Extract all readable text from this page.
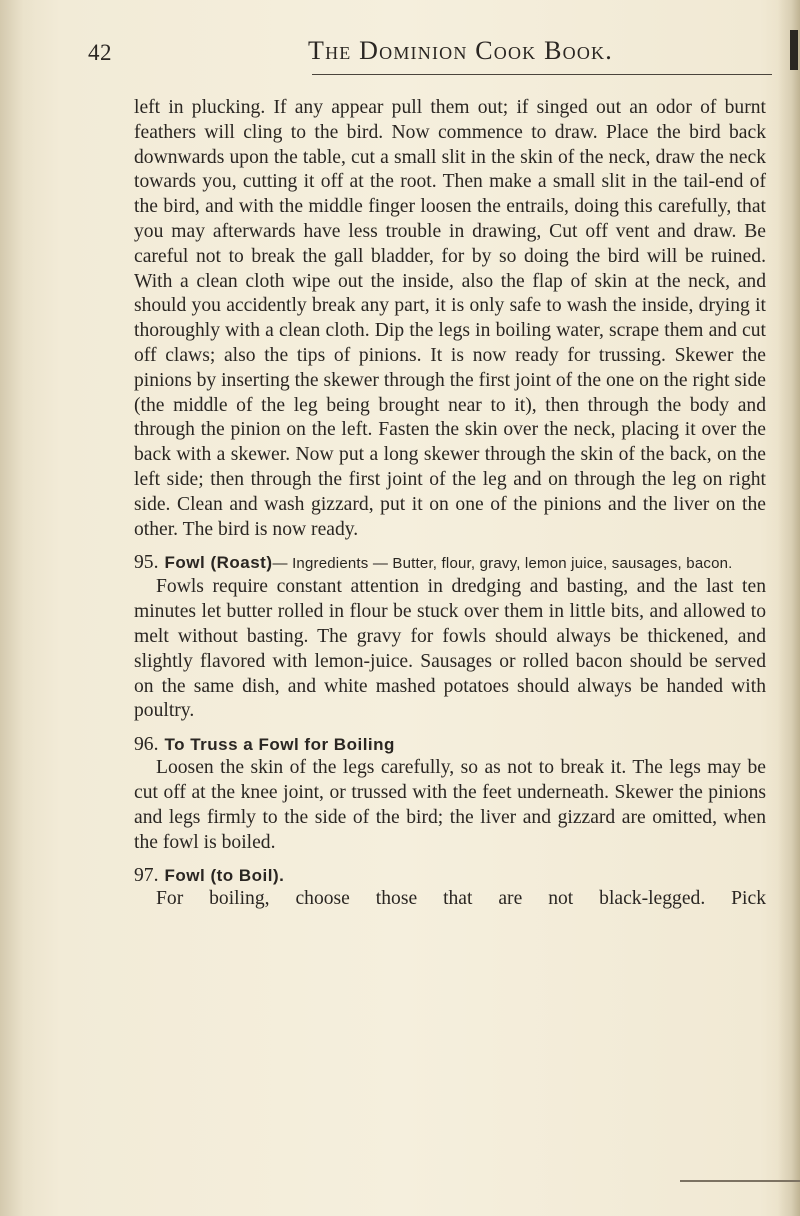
42	The Dominion Cook Book.

left in plucking. If any appear pull them out; if singed out an odor of burnt feathers will cling to the bird. Now commence to draw. Place the bird back downwards upon the table, cut a small slit in the skin of the neck, draw the neck towards you, cutting it off at the root. Then make a small slit in the tail-end of the bird, and with the middle finger loosen the entrails, doing this carefully, that you may afterwards have less trouble in drawing, Cut off vent and draw. Be careful not to break the gall bladder, for by so doing the bird will be ruined. With a clean cloth wipe out the inside, also the flap of skin at the neck, and should you accidently break any part, it is only safe to wash the inside, drying it thoroughly with a clean cloth. Dip the legs in boiling water, scrape them and cut off claws; also the tips of pinions. It is now ready for trussing. Skewer the pinions by inserting the skewer through the first joint of the one on the right side (the middle of the leg being brought near to it), then through the body and through the pinion on the left. Fasten the skin over the neck, placing it over the back with a skewer. Now put a long skewer through the skin of the back, on the left side; then through the first joint of the leg and on through the leg on right side. Clean and wash gizzard, put it on one of the pinions and the liver on the other. The bird is now ready.

95. Fowl (Roast)— Ingredients — Butter, flour, gravy, lemon juice, sausages, bacon.

Fowls require constant attention in dredging and basting, and the last ten minutes let butter rolled in flour be stuck over them in little bits, and allowed to melt without basting. The gravy for fowls should always be thickened, and slightly flavored with lemon-juice. Sausages or rolled bacon should be served on the same dish, and white mashed potatoes should always be handed with poultry.

96. To Truss a Fowl for Boiling

Loosen the skin of the legs carefully, so as not to break it. The legs may be cut off at the knee joint, or trussed with the feet underneath. Skewer the pinions and legs firmly to the side of the bird; the liver and gizzard are omitted, when the fowl is boiled.

97. Fowl (to Boil).

For boiling, choose those that are not black-legged. Pick
